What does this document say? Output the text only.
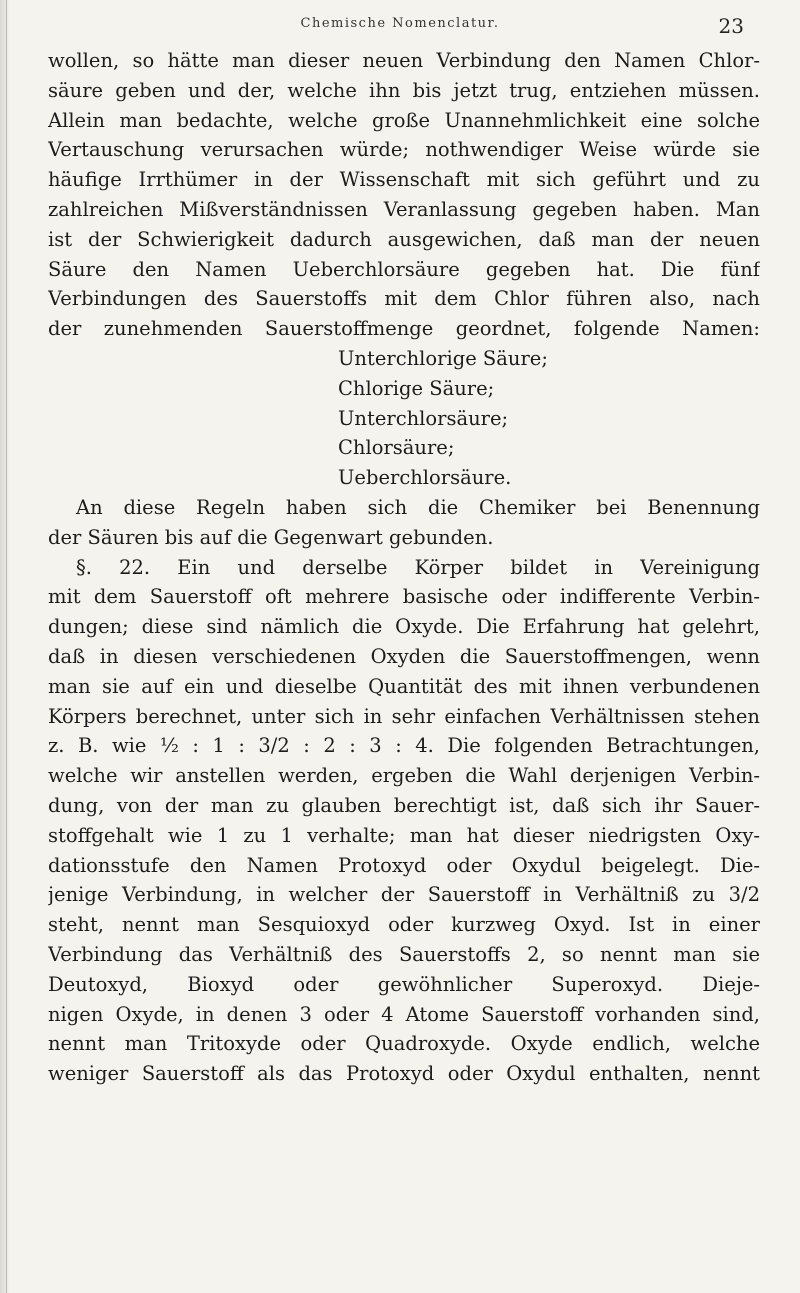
Chemische Nomenclatur.	23
wollen, so hätte man dieser neuen Verbindung den Namen Chlor-
säure geben und der, welche ihn bis jetzt trug, entziehen müssen.
Allein man bedachte, welche große Unannehmlichkeit eine solche
Vertauschung verursachen würde; nothwendiger Weise würde sie
häufige Irrthümer in der Wissenschaft mit sich geführt und zu
zahlreichen Mißverständnissen Veranlassung gegeben haben. Man
ist der Schwierigkeit dadurch ausgewichen, daß man der neuen
Säure den Namen Ueberchlorsäure gegeben hat. Die fünf
Verbindungen des Sauerstoffs mit dem Chlor führen also, nach
der zunehmenden Sauerstoffmenge geordnet, folgende Namen:
Unterchlorige Säure;
Chlorige Säure;
Unterchlorsäure;
Chlorsäure;
Ueberchlorsäure.
An diese Regeln haben sich die Chemiker bei Benennung
der Säuren bis auf die Gegenwart gebunden.
§. 22. Ein und derselbe Körper bildet in Vereinigung
mit dem Sauerstoff oft mehrere basische oder indifferente Verbin-
dungen; diese sind nämlich die Oxyde. Die Erfahrung hat gelehrt,
daß in diesen verschiedenen Oxyden die Sauerstoffmengen, wenn
man sie auf ein und dieselbe Quantität des mit ihnen verbundenen
Körpers berechnet, unter sich in sehr einfachen Verhältnissen stehen
z. B. wie ½ : 1 : 3/2 : 2 : 3 : 4. Die folgenden Betrachtungen,
welche wir anstellen werden, ergeben die Wahl derjenigen Verbin-
dung, von der man zu glauben berechtigt ist, daß sich ihr Sauer-
stoffgehalt wie 1 zu 1 verhalte; man hat dieser niedrigsten Oxy-
dationsstufe den Namen Protoxyd oder Oxydul beigelegt. Die-
jenige Verbindung, in welcher der Sauerstoff in Verhältniß zu 3/2
steht, nennt man Sesquioxyd oder kurzweg Oxyd. Ist in einer
Verbindung das Verhältniß des Sauerstoffs 2, so nennt man sie
Deutoxyd, Bioxyd oder gewöhnlicher Superoxyd. Dieje-
nigen Oxyde, in denen 3 oder 4 Atome Sauerstoff vorhanden sind,
nennt man Tritoxyde oder Quadroxyde. Oxyde endlich, welche
weniger Sauerstoff als das Protoxyd oder Oxydul enthalten, nennt
